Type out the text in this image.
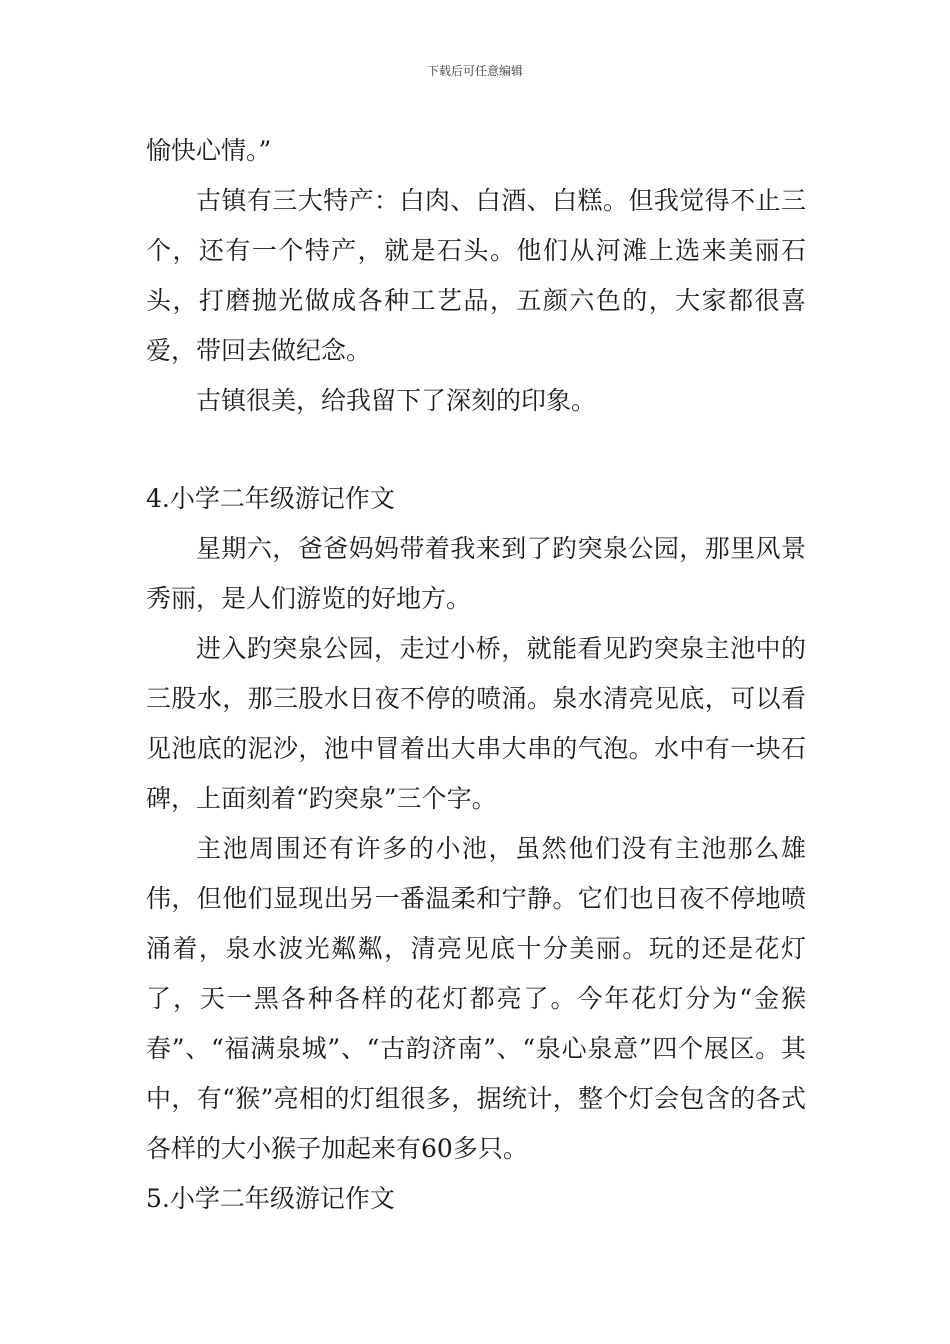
下载后可任意编辑

愉快心情。”

古镇有三大特产：白肉、白酒、白糕。但我觉得不止三个，还有一个特产，就是石头。他们从河滩上选来美丽石头，打磨抛光做成各种工艺品，五颜六色的，大家都很喜爱，带回去做纪念。

古镇很美，给我留下了深刻的印象。

4.小学二年级游记作文

星期六，爸爸妈妈带着我来到了趵突泉公园，那里风景秀丽，是人们游览的好地方。

进入趵突泉公园，走过小桥，就能看见趵突泉主池中的三股水，那三股水日夜不停的喷涌。泉水清亮见底，可以看见池底的泥沙，池中冒着出大串大串的气泡。水中有一块石碑，上面刻着“趵突泉”三个字。

主池周围还有许多的小池，虽然他们没有主池那么雄伟，但他们显现出另一番温柔和宁静。它们也日夜不停地喷涌着，泉水波光粼粼，清亮见底十分美丽。玩的还是花灯了，天一黑各种各样的花灯都亮了。今年花灯分为“金猴春”、“福满泉城”、“古韵济南”、“泉心泉意”四个展区。其中，有“猴”亮相的灯组很多，据统计，整个灯会包含的各式各样的大小猴子加起来有60多只。

5.小学二年级游记作文
